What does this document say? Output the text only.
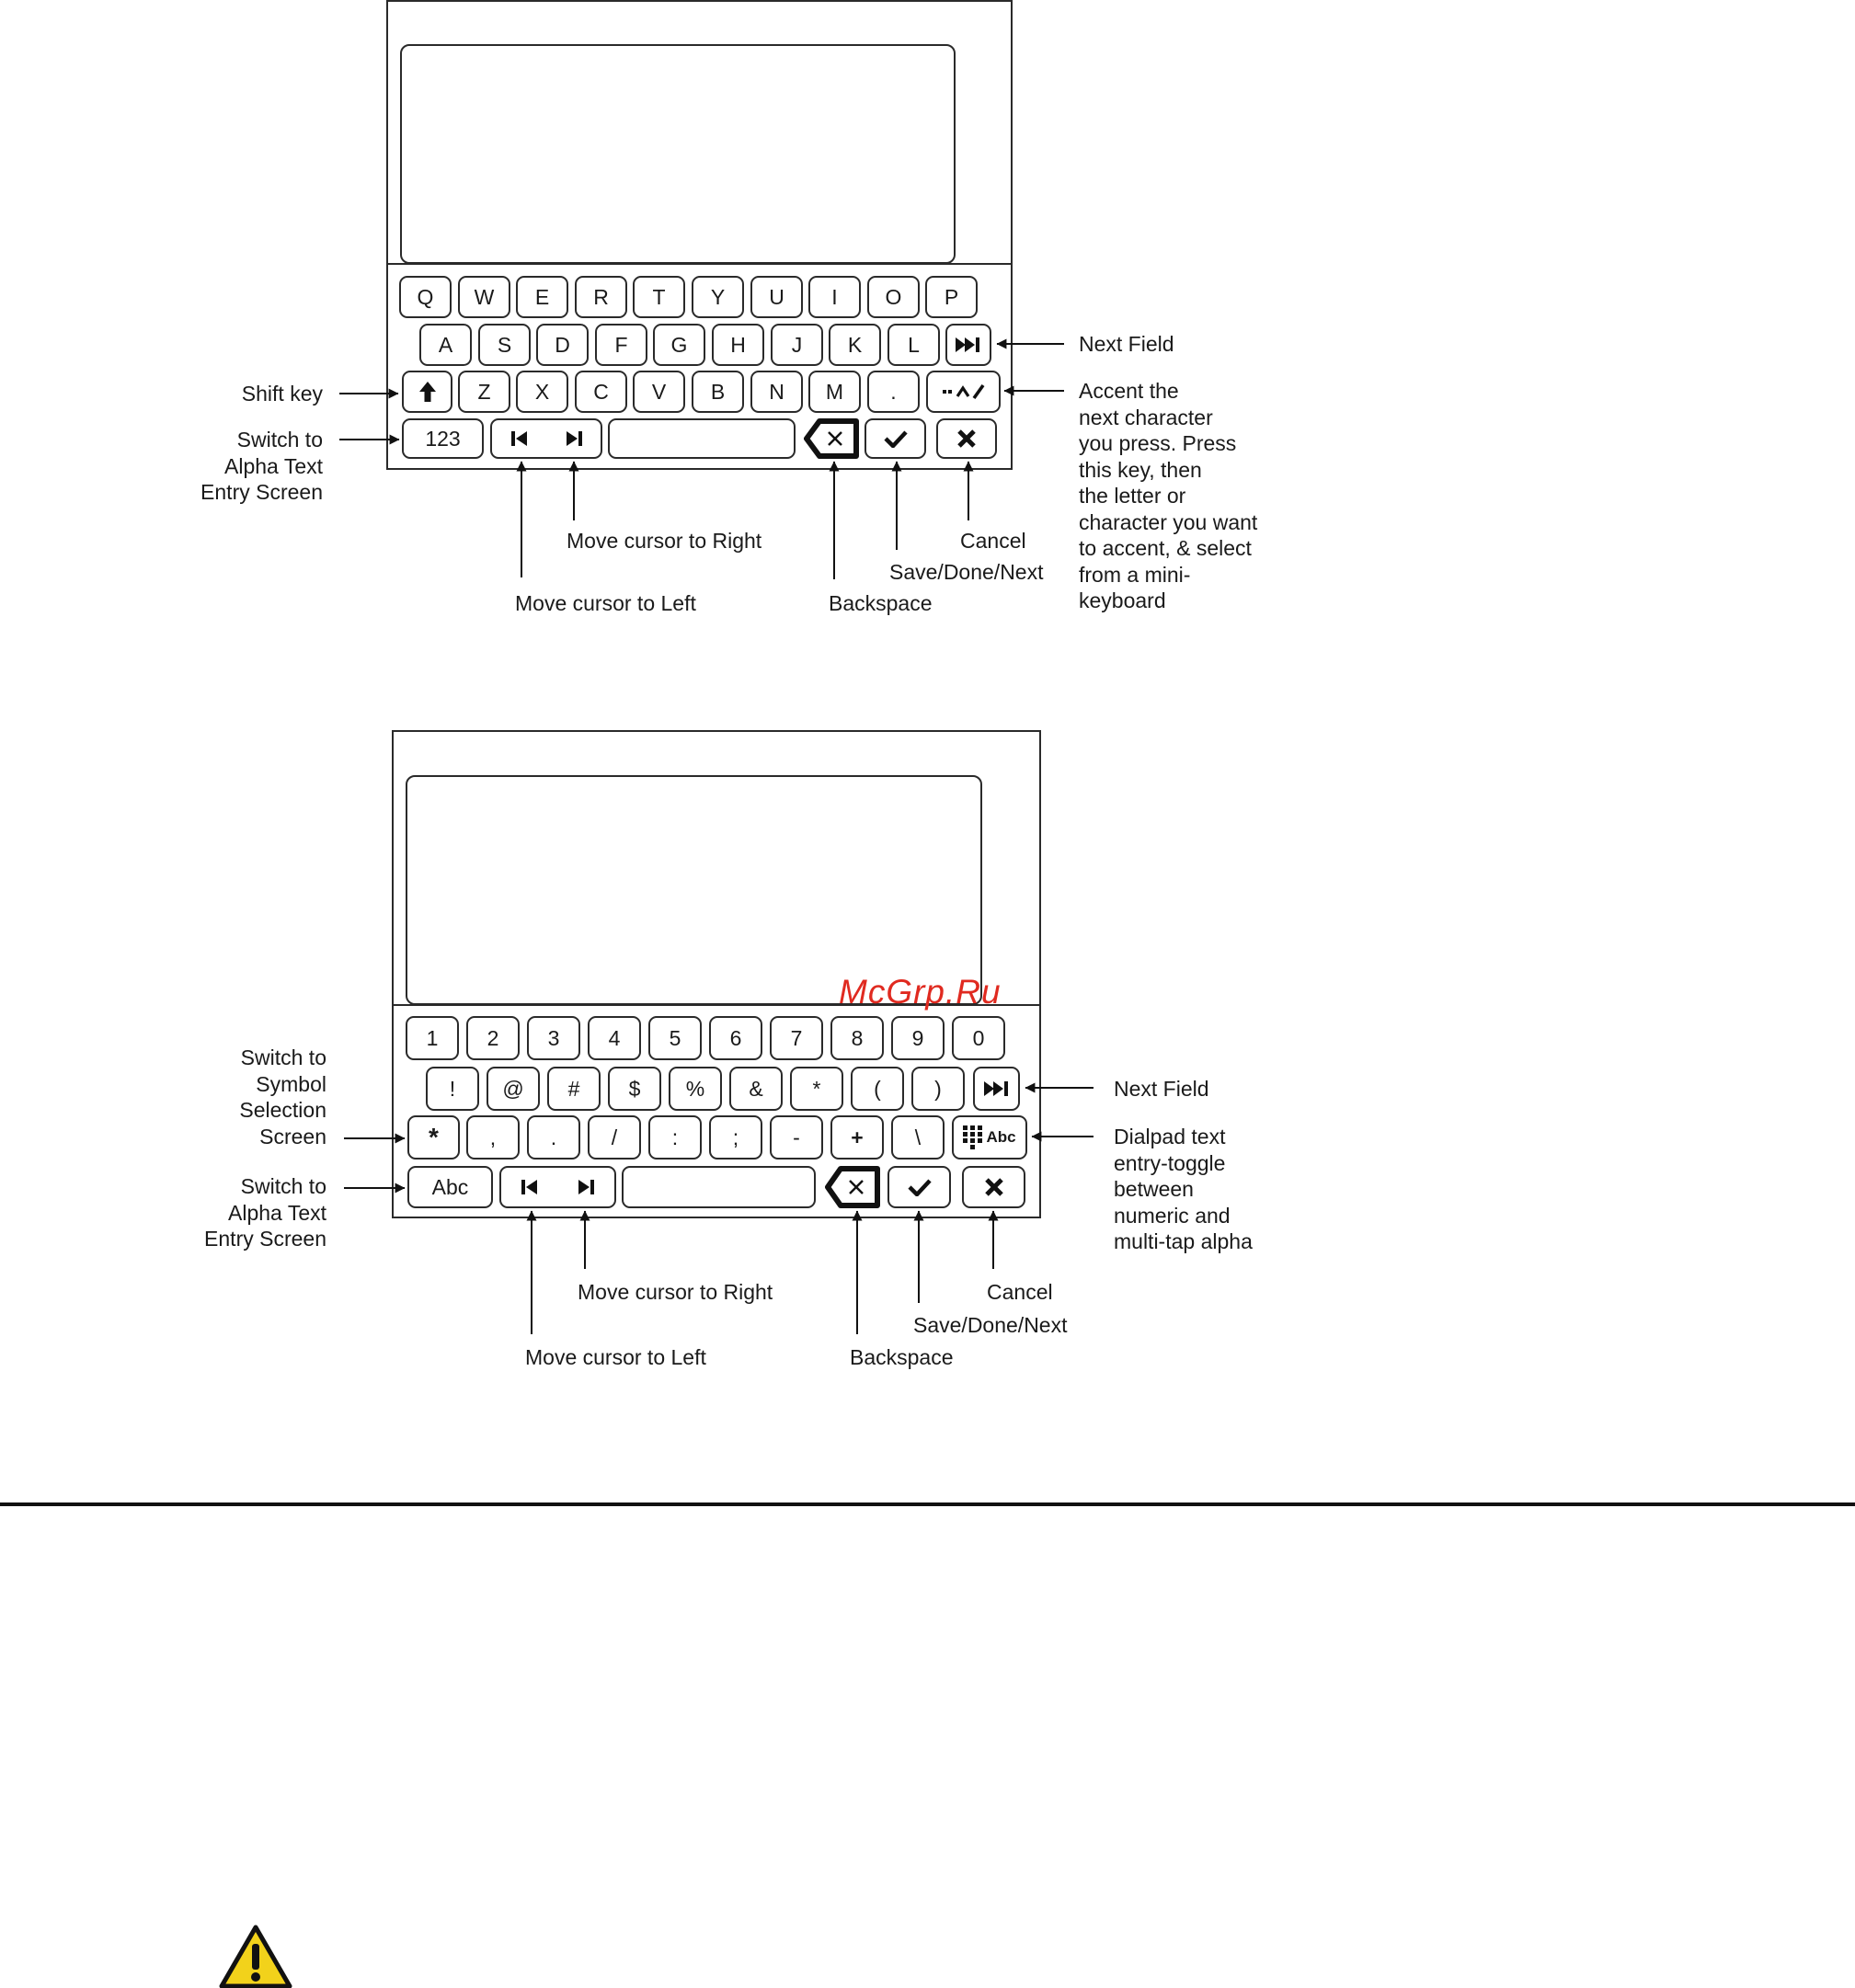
Q	W	E	R	T	Y	U	I	O	P
A	S	D	F	G	H	J	K	L
Z	X	C	V	B	N	M	.
123
Next Field
Shift key	Accent the
next character
you press. Press
this key, then
the letter or
character you want
to accent, & select
from a mini-
keyboard
Switch to
Alpha Text
Entry Screen
Move cursor to Right
Move cursor to Left	Backspace
Save/Done/Next
Cancel
1	2	3	4	5	6	7	8	9	0
!	@	#	$	%	&	*	(	)
*	,	.	/	:	;	-	+	\	Abc
Abc
McGrp.Ru
Switch to
Symbol
Selection
Screen
Next Field
Dialpad text
entry-toggle
between
numeric and
multi-tap alpha
Switch to
Alpha Text
Entry Screen
Move cursor to Right
Move cursor to Left	Backspace
Save/Done/Next
Cancel
